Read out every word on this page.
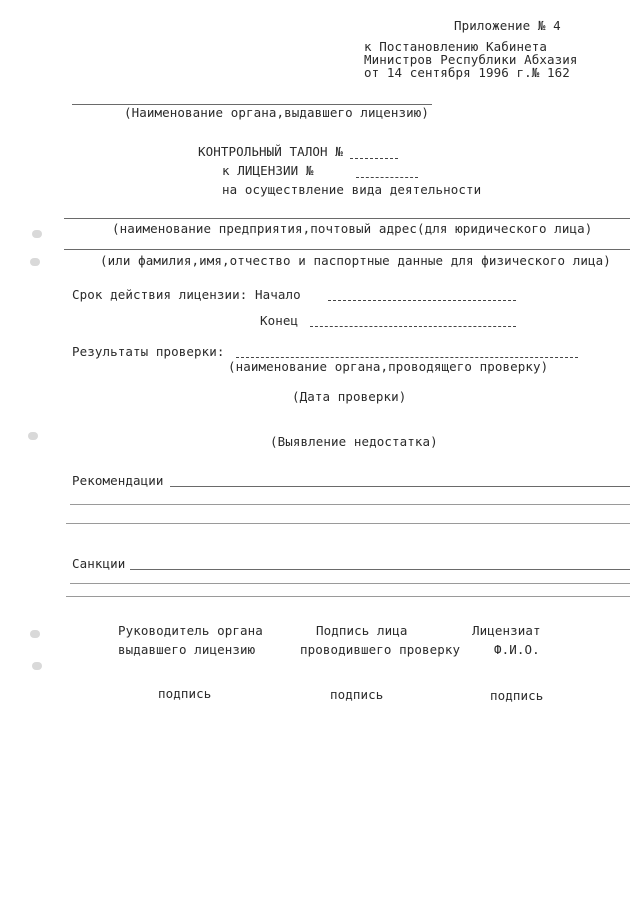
Приложение № 4
к Постановлению Кабинета
Министров Республики Абхазия
от 14 сентября 1996 г.№ 162
(Наименование органа,выдавшего лицензию)
КОНТРОЛЬНЫЙ ТАЛОН №
к ЛИЦЕНЗИИ №
на осуществление вида деятельности
(наименование предприятия,почтовый адрес(для юридического лица)
(или фамилия,имя,отчество и паспортные данные для физического лица)
Срок действия лицензии: Начало
Конец
Результаты проверки:
(наименование органа,проводящего проверку)
(Дата проверки)
(Выявление недостатка)
Рекомендации
Санкции
Руководитель органа
выдавшего лицензию
Подпись лица
проводившего проверку
Лицензиат
Ф.И.О.
подпись	подпись	подпись
